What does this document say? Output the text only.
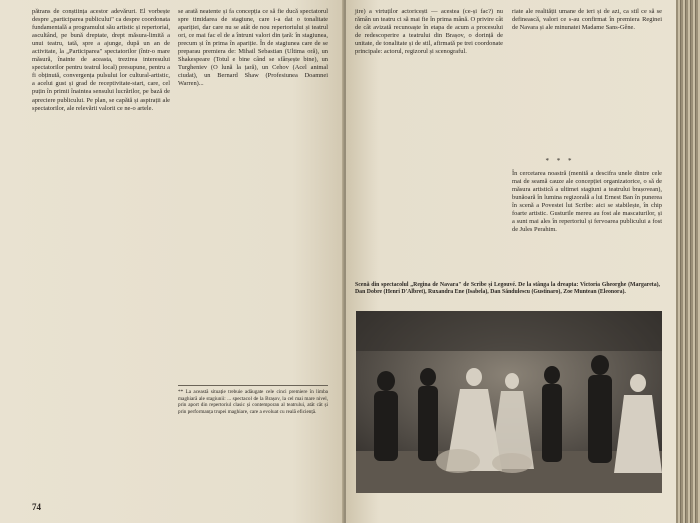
pătrans de conștiința acestor adevăruri. El vorbește despre „participarea publicului" ca despre coordonata fundamentală a programului său artistic și repertorial, ascultând, pe bună dreptate, drept măsura-limită a unui teatru, tată, spre a ajunge, după un an de activitate, la „Participarea" spectatorilor (într-o mare măsură, înainte de aceasta, trezirea interesului spectatorilor pentru teatrul local) presupune, pentru a fi obținută, convergența pulsului lor cultural-artistic, a acelui gust și grad de receptivitate-start, care, cel puțin în primii înaintea sensului lucrărilor, pe bază de apreciere publicului. Pe plan, se capătă și aspirații ale spectatorilor, ale relevării valorii ce ne-o artele.

se arată neatente și fa concepția ce să fie ducă spectatorul spre timidarea de stagiune, care i-a dat o tonalitate apariției, dar care nu se atât de nou repertoriului și teatrul ori, ce mai fac el de a întruni valori din țară: în stagiunea, precum și în prima în apariție. În de stagiunea care de se preparau premiera de: Mihail Sebastian (Ultima oră), un Shakespeare (Totul e bine când se sfârșește bine), un Turgheniev (O lună la țară), un Cehov (Acel animal ciudat), un Bernard Shaw (Profesiunea Doamnei Warren)...

** La această situație trebuie adăugate cele cinci premiere în limba maghiară ale stagiunii: ... spectacol de la Brașov, la cel mai mare nivel, prin aport din repertoriul clasic și contemporan al teatrului, atât cât și prin performanța trupei maghiare, care a evoluat cu reală eficiență.
74

jire) a virtuților actoricești — acestea (ce-și fac?) nu rămân un teatru ci să mai fie în prima mână. O privire cât de cât avizată recunoaște în etapa de acum a procesului de redescoperire a teatrului din Brașov, o dorință de unitate, de tonalitate și de stil, afirmată pe trei coordonate principale: actorul, regizorul și scenograful.

riate ale realității umane de ieri și de azi, ca stil ce să se definească, valori ce s-au confirmat în premiera Reginei de Navara și ale minunatei Madame Sans-Gêne.

* * *

În cercetarea noastră (menită a descifra unele dintre cele mai de seamă cauze ale concepției organizatorice, o să de măsura artistică a ultimei stagiuni a teatrului brașovean), bunăoară în lumina regizorală a lui Ernest Ban în punerea în scenă a Povestei lui Scribe: aici se stabilește, în chip foarte artistic. Gusturile mereu au fost ale mascaturilor, și a sunt mai ales în repertoriul și fervoarea publicului a fost de Jules Perahim.

Scenă din spectacolul „Regina de Navara" de Scribe și Legouvé. De la stânga la dreapta: Victoria Gheorghe (Margareta), Dan Dobre (Henri D'Albret), Ruxandra Ene (Isabela), Dan Săndulescu (Gustinaro), Zoe Muntean (Eleonora).
